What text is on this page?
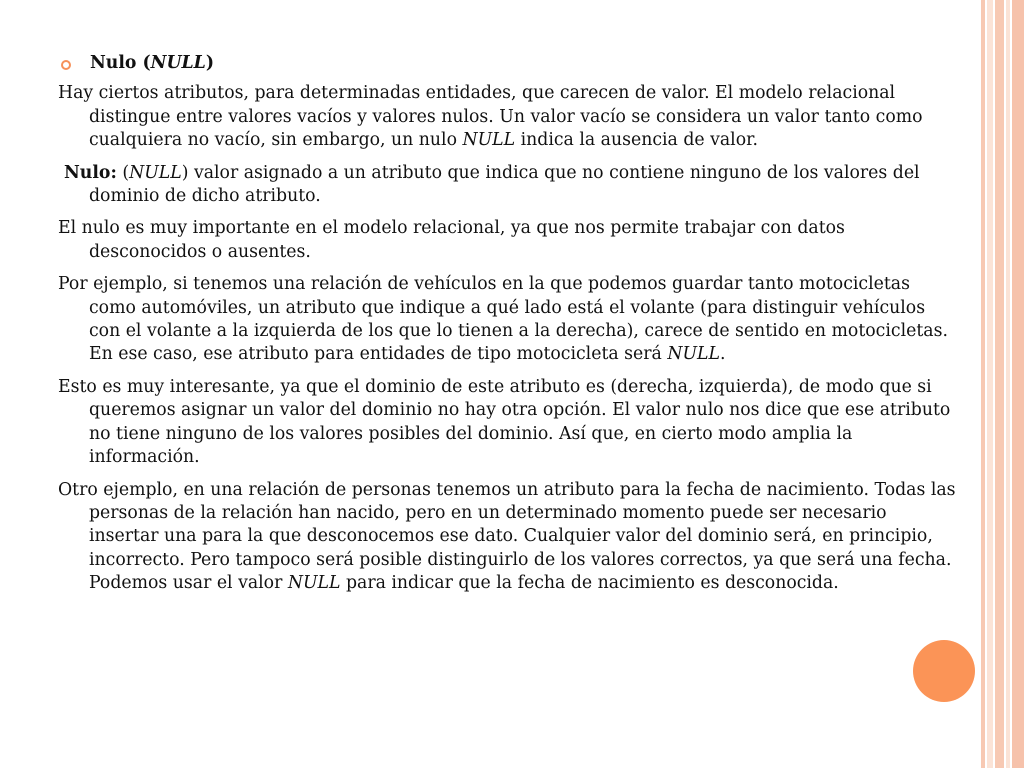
Nulo (NULL)

Hay ciertos atributos, para determinadas entidades, que carecen de valor. El modelo relacional distingue entre valores vacíos y valores nulos. Un valor vacío se considera un valor tanto como cualquiera no vacío, sin embargo, un nulo NULL indica la ausencia de valor.

Nulo: (NULL) valor asignado a un atributo que indica que no contiene ninguno de los valores del dominio de dicho atributo.

El nulo es muy importante en el modelo relacional, ya que nos permite trabajar con datos desconocidos o ausentes.

Por ejemplo, si tenemos una relación de vehículos en la que podemos guardar tanto motocicletas como automóviles, un atributo que indique a qué lado está el volante (para distinguir vehículos con el volante a la izquierda de los que lo tienen a la derecha), carece de sentido en motocicletas. En ese caso, ese atributo para entidades de tipo motocicleta será NULL.

Esto es muy interesante, ya que el dominio de este atributo es (derecha, izquierda), de modo que si queremos asignar un valor del dominio no hay otra opción. El valor nulo nos dice que ese atributo no tiene ninguno de los valores posibles del dominio. Así que, en cierto modo amplia la información.

Otro ejemplo, en una relación de personas tenemos un atributo para la fecha de nacimiento. Todas las personas de la relación han nacido, pero en un determinado momento puede ser necesario insertar una para la que desconocemos ese dato. Cualquier valor del dominio será, en principio, incorrecto. Pero tampoco será posible distinguirlo de los valores correctos, ya que será una fecha. Podemos usar el valor NULL para indicar que la fecha de nacimiento es desconocida.
